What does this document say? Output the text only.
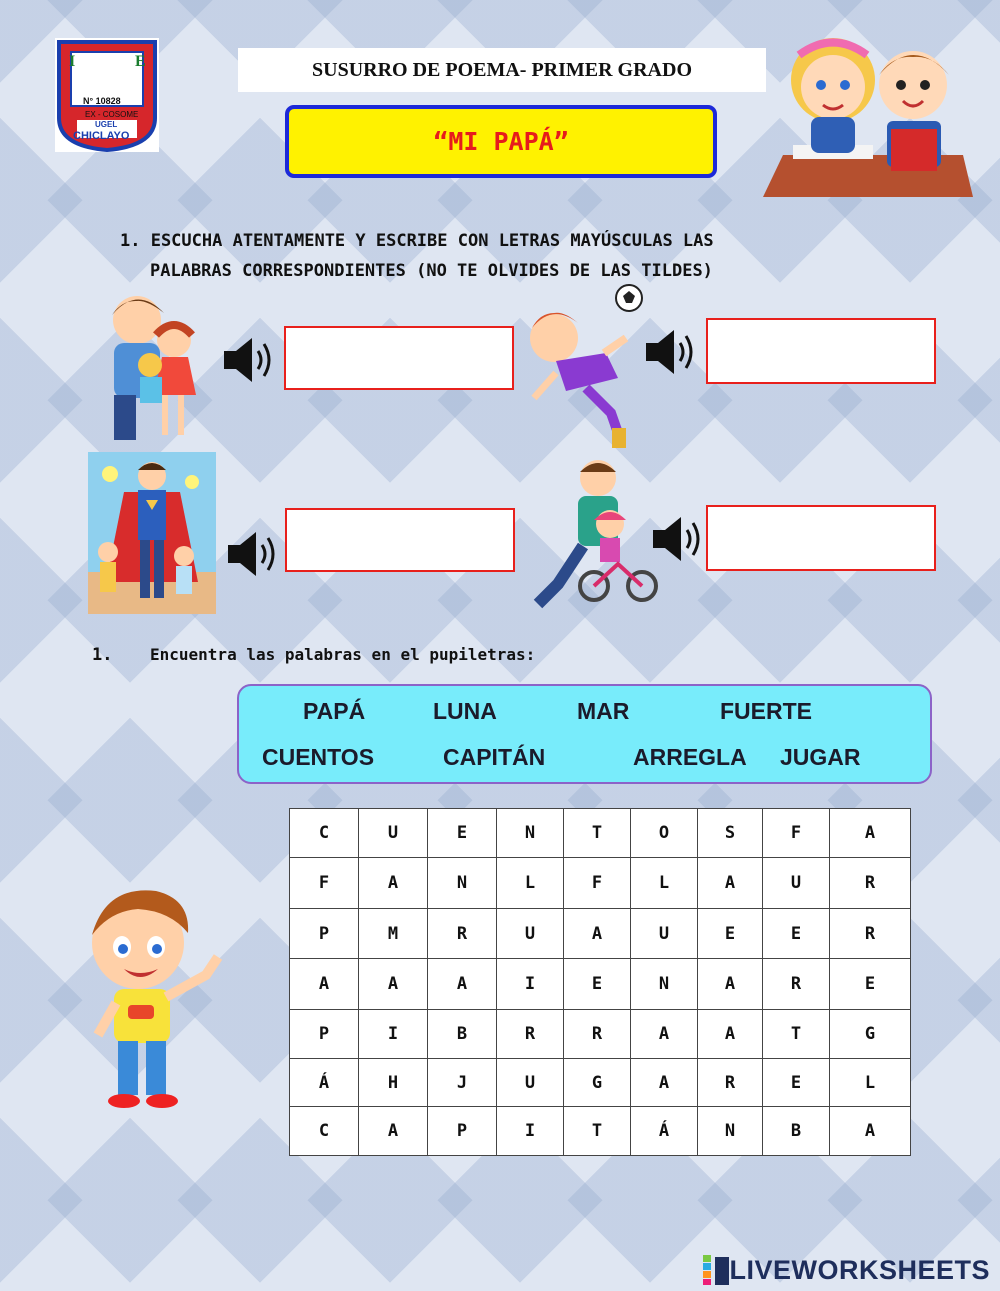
I	E
N° 10828
EX - COSOME
UGEL
CHICLAYO
SUSURRO DE POEMA- PRIMER GRADO
“MI PAPÁ”
1. ESCUCHA ATENTAMENTE Y ESCRIBE CON LETRAS MAYÚSCULAS LAS
PALABRAS CORRESPONDIENTES (NO TE OLVIDES DE LAS TILDES)
1. Encuentra las palabras en el pupiletras:
PAPÁ	LUNA	MAR	FUERTE
CUENTOS	CAPITÁN	ARREGLA JUGAR
C	U	E	N	T	O	S	F	A
F	A	N	L	F	L	A	U	R
P	M	R	U	A	U	E	E	R
A	A	A	I	E	N	A	R	E
P	I	B	R	R	A	A	T	G
Á	H	J	U	G	A	R	E	L
C	A	P	I	T	Á	N	B	A
LIVEWORKSHEETS
